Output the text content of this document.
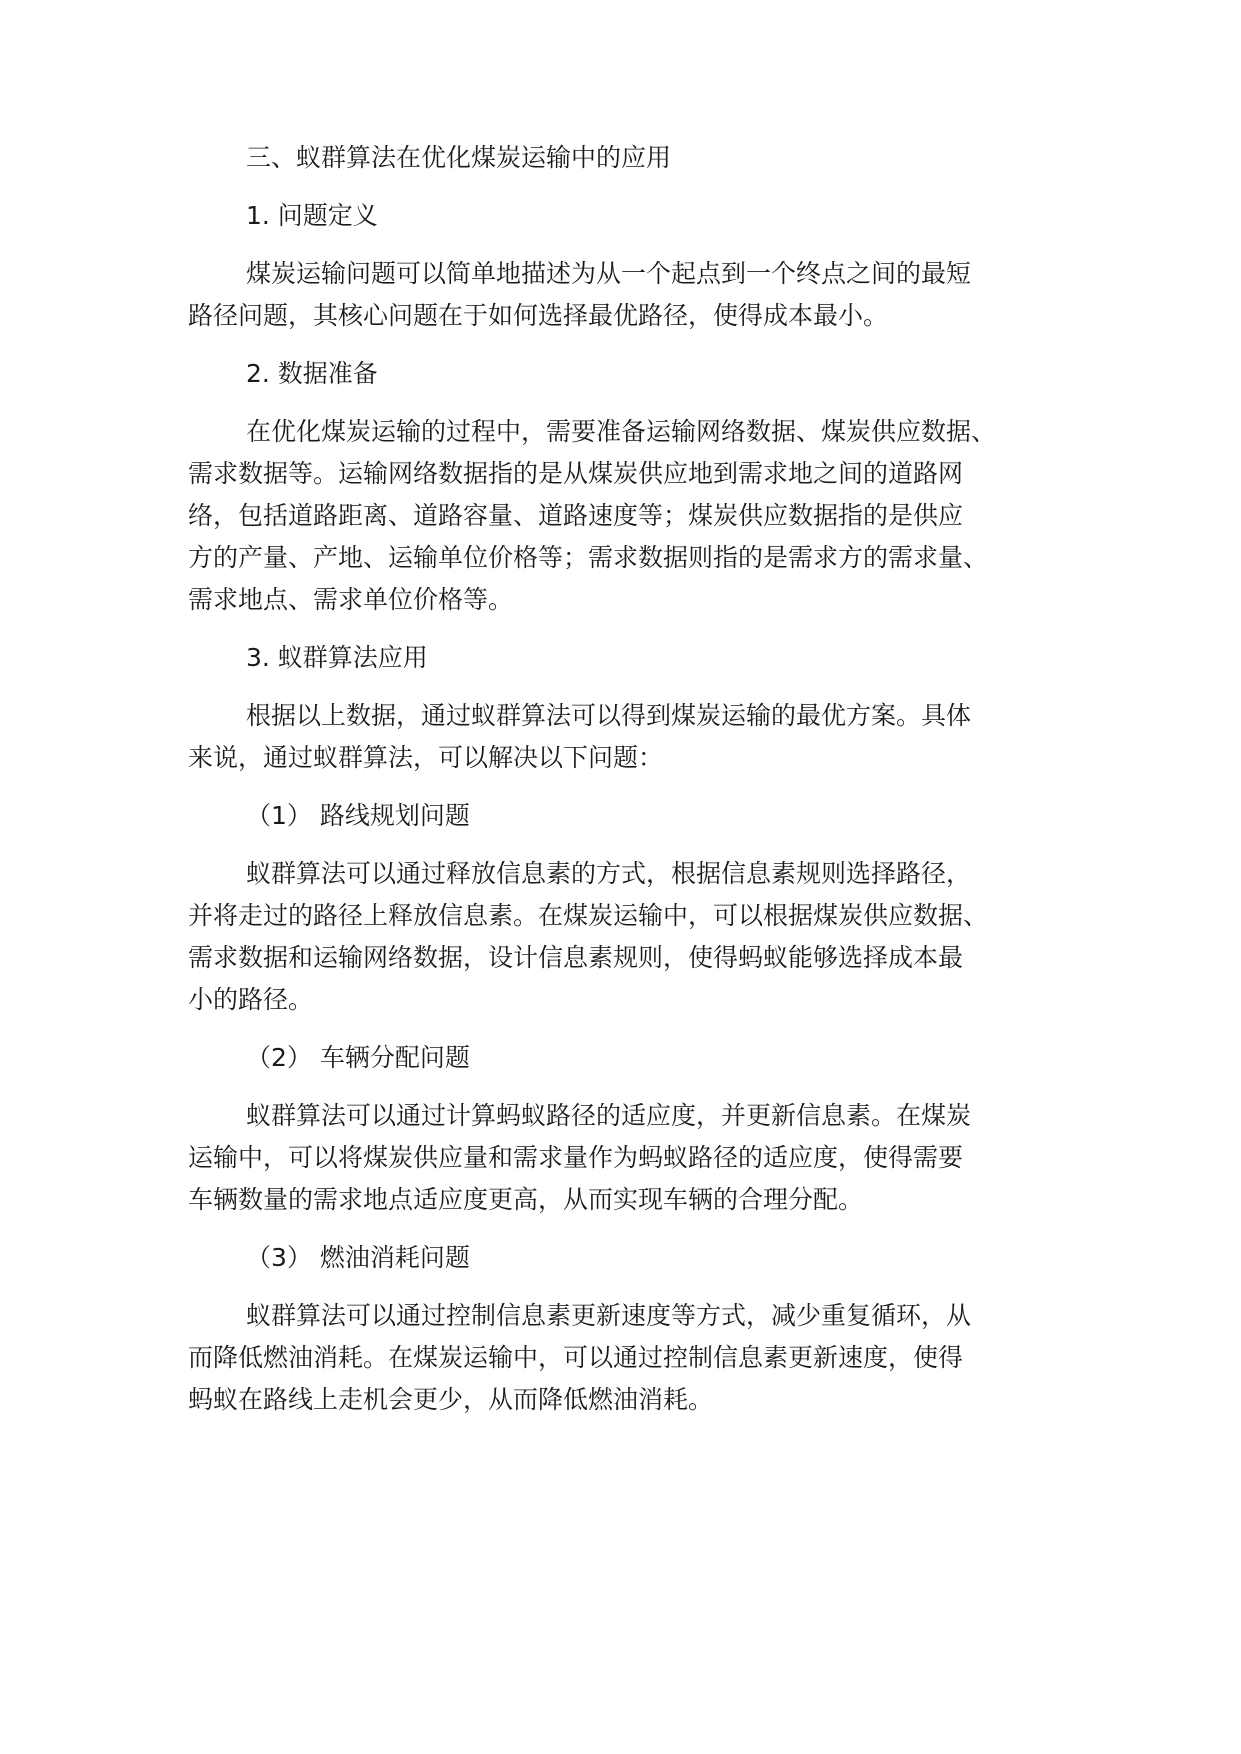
三、蚁群算法在优化煤炭运输中的应用
1. 问题定义
煤炭运输问题可以简单地描述为从一个起点到一个终点之间的最短
路径问题，其核心问题在于如何选择最优路径，使得成本最小。
2. 数据准备
在优化煤炭运输的过程中，需要准备运输网络数据、煤炭供应数据、
需求数据等。运输网络数据指的是从煤炭供应地到需求地之间的道路网
络，包括道路距离、道路容量、道路速度等；煤炭供应数据指的是供应
方的产量、产地、运输单位价格等；需求数据则指的是需求方的需求量、
需求地点、需求单位价格等。
3. 蚁群算法应用
根据以上数据，通过蚁群算法可以得到煤炭运输的最优方案。具体
来说，通过蚁群算法，可以解决以下问题：
（1） 路线规划问题
蚁群算法可以通过释放信息素的方式，根据信息素规则选择路径，
并将走过的路径上释放信息素。在煤炭运输中，可以根据煤炭供应数据、
需求数据和运输网络数据，设计信息素规则，使得蚂蚁能够选择成本最
小的路径。
（2） 车辆分配问题
蚁群算法可以通过计算蚂蚁路径的适应度，并更新信息素。在煤炭
运输中，可以将煤炭供应量和需求量作为蚂蚁路径的适应度，使得需要
车辆数量的需求地点适应度更高，从而实现车辆的合理分配。
（3） 燃油消耗问题
蚁群算法可以通过控制信息素更新速度等方式，减少重复循环，从
而降低燃油消耗。在煤炭运输中，可以通过控制信息素更新速度，使得
蚂蚁在路线上走机会更少，从而降低燃油消耗。
